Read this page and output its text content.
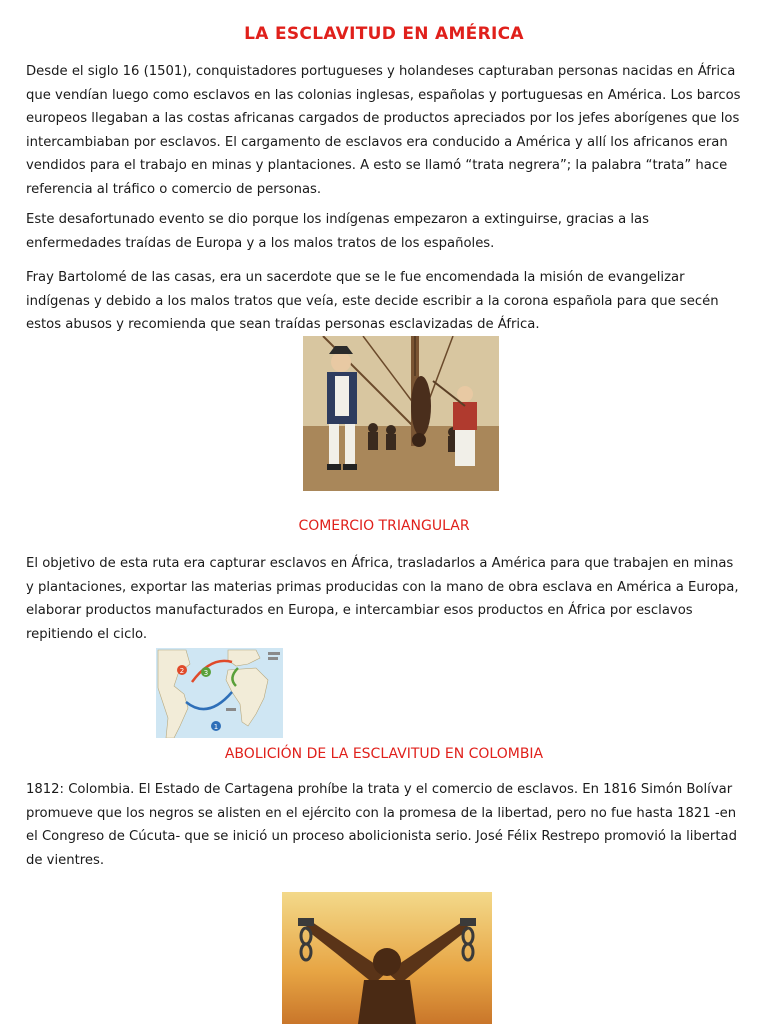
LA ESCLAVITUD EN AMÉRICA

Desde el siglo 16 (1501), conquistadores portugueses y holandeses capturaban personas nacidas en África que vendían luego como esclavos en las colonias inglesas, españolas y portuguesas en América. Los barcos europeos llegaban a las costas africanas cargados de productos apreciados por los jefes aborígenes que los intercambiaban por esclavos. El cargamento de esclavos era conducido a América y allí los africanos eran vendidos para el trabajo en minas y plantaciones. A esto se llamó “trata negrera”; la palabra “trata” hace referencia al tráfico o comercio de personas.

Este desafortunado evento se dio porque los indígenas empezaron a extinguirse, gracias a las enfermedades traídas de Europa y a los malos tratos de los españoles.

Fray Bartolomé de las casas, era un sacerdote que se le fue encomendada la misión de evangelizar indígenas y debido a los malos tratos que veía, este decide escribir a la corona española para que secén estos abusos y recomienda que sean traídas personas esclavizadas de África.

COMERCIO TRIANGULAR

El objetivo de esta ruta era capturar esclavos en África, trasladarlos a América para que trabajen en minas y plantaciones, exportar las materias primas producidas con la mano de obra esclava en América a Europa, elaborar productos manufacturados en Europa, e intercambiar esos productos en África por esclavos repitiendo el ciclo.

2	3
1
ABOLICIÓN DE LA ESCLAVITUD EN COLOMBIA

1812: Colombia. El Estado de Cartagena prohíbe la trata y el comercio de esclavos. En 1816 Simón Bolívar promueve que los negros se alisten en el ejército con la promesa de la libertad, pero no fue hasta 1821 -en el Congreso de Cúcuta- que se inició un proceso abolicionista serio. José Félix Restrepo promovió la libertad de vientres.
